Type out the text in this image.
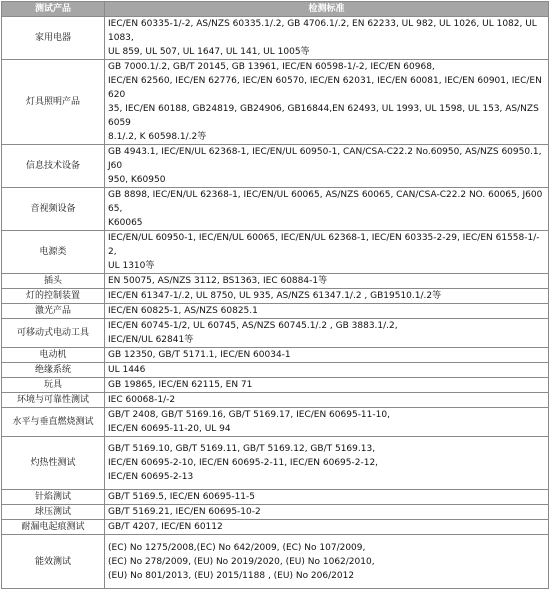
测试产品	检测标准
家用电器	IEC/EN 60335-1/-2, AS/NZS 60335.1/.2, GB 4706.1/.2, EN 62233, UL 982, UL 1026, UL 1082, UL 1083,
UL 859, UL 507, UL 1647, UL 141, UL 1005等

灯具照明产品	GB 7000.1/.2, GB/T 20145, GB 13961, IEC/EN 60598-1/-2, IEC/EN 60968,
IEC/EN 62560, IEC/EN 62776, IEC/EN 60570, IEC/EN 62031, IEC/EN 60081, IEC/EN 60901, IEC/EN 620
35, IEC/EN 60188, GB24819, GB24906, GB16844,EN 62493, UL 1993, UL 1598, UL 153, AS/NZS 6059
8.1/.2, K 60598.1/.2等

信息技术设备	GB 4943.1, IEC/EN/UL 62368-1, IEC/EN/UL 60950-1, CAN/CSA-C22.2 No.60950, AS/NZS 60950.1, J60
950, K60950

音视频设备	GB 8898, IEC/EN/UL 62368-1, IEC/EN/UL 60065, AS/NZS 60065, CAN/CSA-C22.2 NO. 60065, J60065,
K60065

电源类	IEC/EN/UL 60950-1, IEC/EN/UL 60065, IEC/EN/UL 62368-1, IEC/EN 60335-2-29, IEC/EN 61558-1/-2,
UL 1310等

插头	EN 50075, AS/NZS 3112, BS1363, IEC 60884-1等

灯的控制装置	IEC/EN 61347-1/.2, UL 8750, UL 935, AS/NZS 61347.1/.2 , GB19510.1/.2等

激光产品	IEC/EN 60825-1, AS/NZS 60825.1

可移动式电动工具	IEC/EN 60745-1/2, UL 60745, AS/NZS 60745.1/.2 , GB 3883.1/.2,
IEC/EN/UL 62841等

电动机	GB 12350, GB/T 5171.1, IEC/EN 60034-1

绝缘系统	UL 1446

玩具	GB 19865, IEC/EN 62115, EN 71

环境与可靠性测试	IEC 60068-1/-2

水平与垂直燃烧测试	GB/T 2408, GB/T 5169.16, GB/T 5169.17, IEC/EN 60695-11-10,
IEC/EN 60695-11-20, UL 94

灼热性测试	GB/T 5169.10, GB/T 5169.11, GB/T 5169.12, GB/T 5169.13,
IEC/EN 60695-2-10, IEC/EN 60695-2-11, IEC/EN 60695-2-12,
IEC/EN 60695-2-13

针焰测试	GB/T 5169.5, IEC/EN 60695-11-5

球压测试	GB/T 5169.21, IEC/EN 60695-10-2

耐漏电起痕测试	GB/T 4207, IEC/EN 60112

能效测试	(EC) No 1275/2008,(EC) No 642/2009, (EC) No 107/2009,
(EC) No 278/2009, (EU) No 2019/2020, (EU) No 1062/2010,
(EU) No 801/2013, (EU) 2015/1188 , (EU) No 206/2012
